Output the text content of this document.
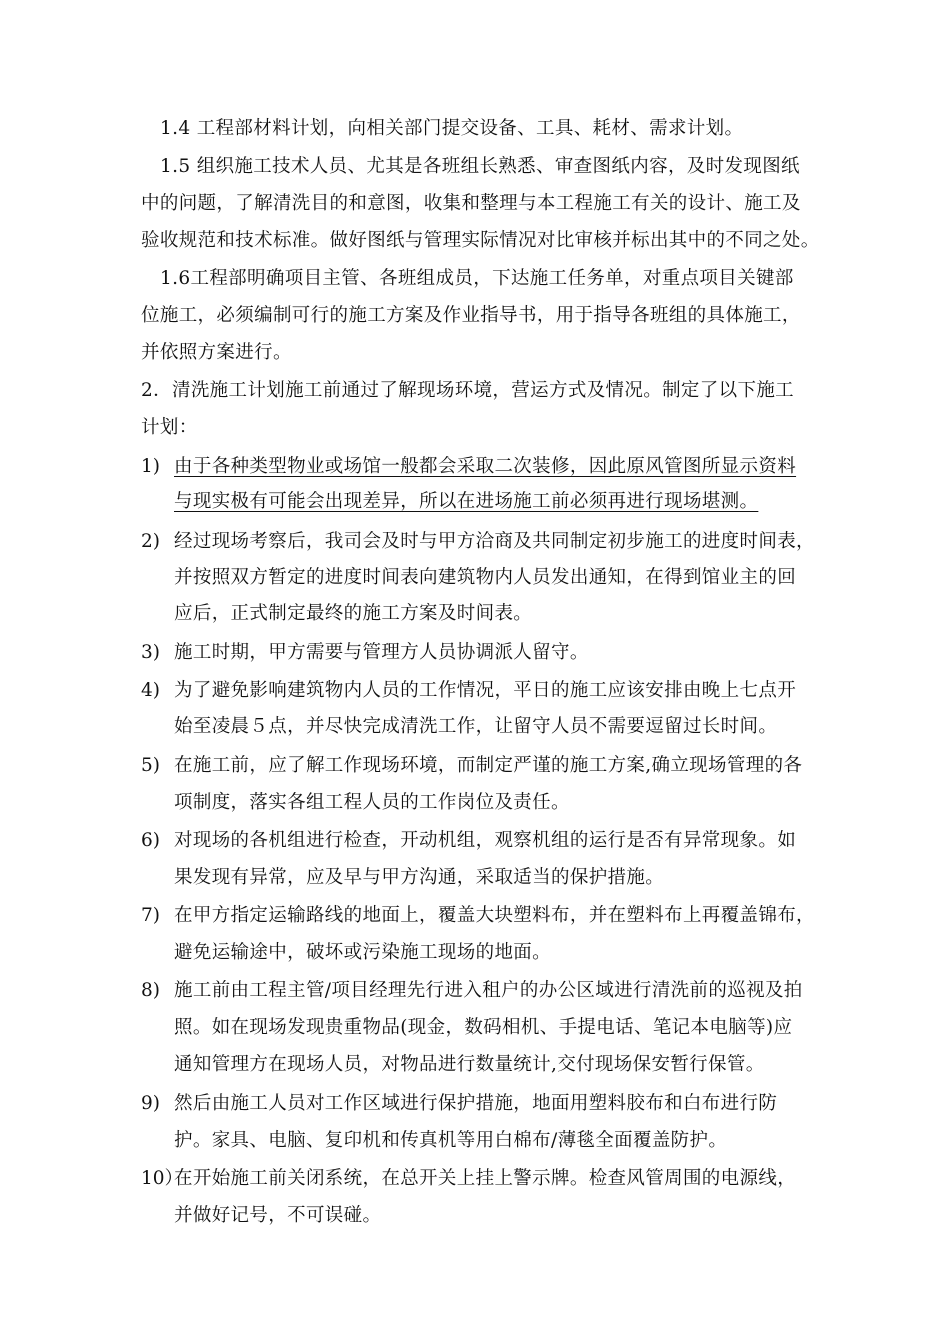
1.4 工程部材料计划，向相关部门提交设备、工具、耗材、需求计划。
1.5 组织施工技术人员、尤其是各班组长熟悉、审查图纸内容，及时发现图纸
中的问题，了解清洗目的和意图，收集和整理与本工程施工有关的设计、施工及
验收规范和技术标准。做好图纸与管理实际情况对比审核并标出其中的不同之处。
1.6工程部明确项目主管、各班组成员，下达施工任务单，对重点项目关键部
位施工，必须编制可行的施工方案及作业指导书，用于指导各班组的具体施工，
并依照方案进行。
2．清洗施工计划施工前通过了解现场环境，营运方式及情况。制定了以下施工
计划：
1) 由于各种类型物业或场馆一般都会采取二次装修，因此原风管图所显示资料
与现实极有可能会出现差异，所以在进场施工前必须再进行现场堪测。
2) 经过现场考察后，我司会及时与甲方洽商及共同制定初步施工的进度时间表，
并按照双方暂定的进度时间表向建筑物内人员发出通知，在得到馆业主的回
应后，正式制定最终的施工方案及时间表。
3) 施工时期，甲方需要与管理方人员协调派人留守。
4) 为了避免影响建筑物内人员的工作情况，平日的施工应该安排由晚上七点开
始至凌晨５点，并尽快完成清洗工作，让留守人员不需要逗留过长时间。
5) 在施工前，应了解工作现场环境，而制定严谨的施工方案,确立现场管理的各
项制度，落实各组工程人员的工作岗位及责任。
6) 对现场的各机组进行检查，开动机组，观察机组的运行是否有异常现象。如
果发现有异常，应及早与甲方沟通，采取适当的保护措施。
7) 在甲方指定运输路线的地面上，覆盖大块塑料布，并在塑料布上再覆盖锦布，
避免运输途中，破坏或污染施工现场的地面。
8) 施工前由工程主管/项目经理先行进入租户的办公区域进行清洗前的巡视及拍
照。如在现场发现贵重物品(现金，数码相机、手提电话、笔记本电脑等)应
通知管理方在现场人员，对物品进行数量统计,交付现场保安暂行保管。
9) 然后由施工人员对工作区域进行保护措施，地面用塑料胶布和白布进行防
护。家具、电脑、复印机和传真机等用白棉布/薄毯全面覆盖防护。
10）
在开始施工前关闭系统，在总开关上挂上警示牌。检查风管周围的电源线，
并做好记号，不可误碰。
